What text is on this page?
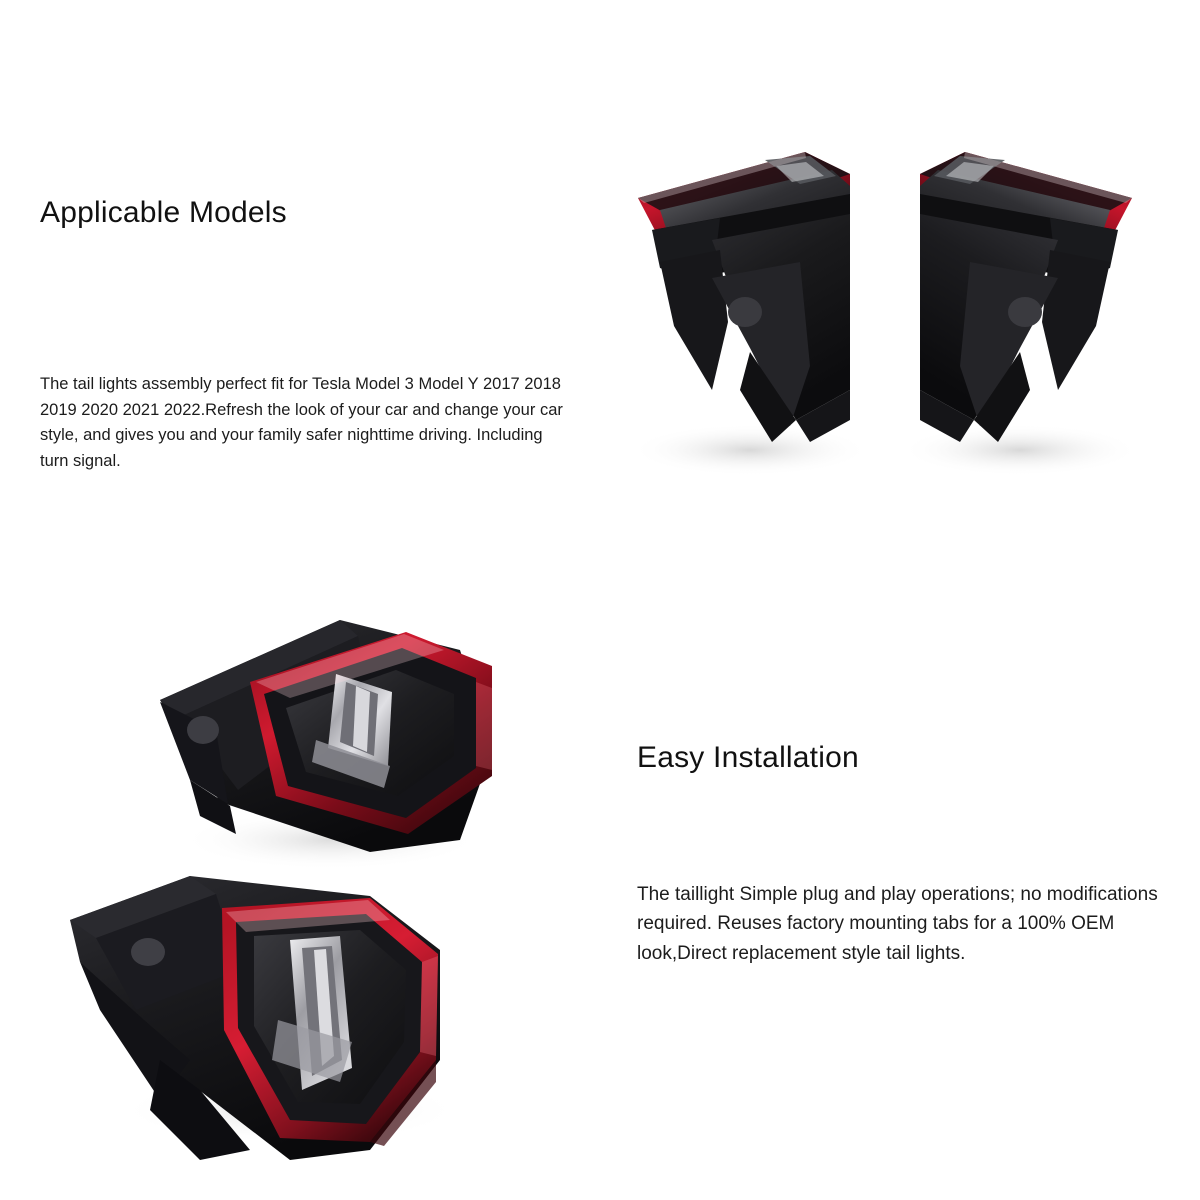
Applicable Models

The tail lights assembly perfect fit for Tesla Model 3 Model Y 2017 2018 2019 2020 2021 2022.Refresh the look of your car and change your car style, and gives you and your family safer nighttime driving. Including turn signal.

Easy Installation

The taillight Simple plug and play operations; no modifications required. Reuses factory mounting tabs for a 100% OEM look,Direct replacement style tail lights.
